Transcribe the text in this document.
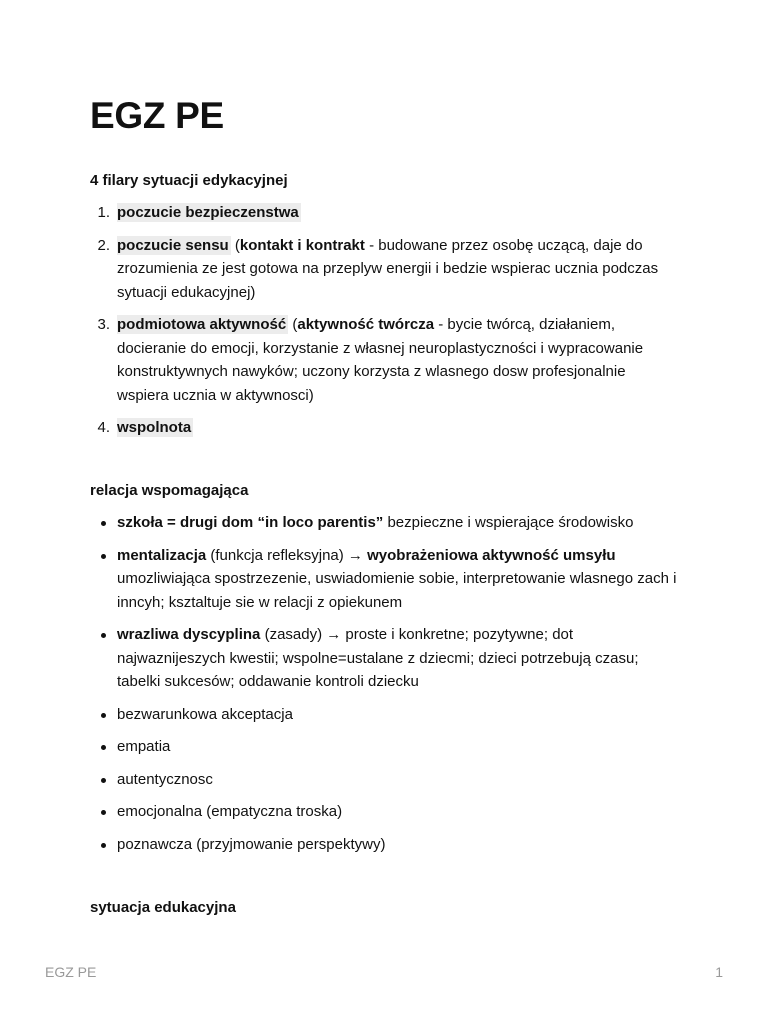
EGZ PE
4 filary sytuacji edykacyjnej
1. poczucie bezpieczenstwa
2. poczucie sensu (kontakt i kontrakt - budowane przez osobę uczącą, daje do zrozumienia ze jest gotowa na przeplyw energii i bedzie wspierac ucznia podczas sytuacji edukacyjnej)
3. podmiotowa aktywność (aktywność twórcza - bycie twórcą, działaniem, docieranie do emocji, korzystanie z własnej neuroplastyczności i wypracowanie konstruktywnych nawyków; uczony korzysta z wlasnego dosw profesjonalnie wspiera ucznia w aktywnosci)
4. wspolnota
relacja wspomagająca
szkoła = drugi dom “in loco parentis” bezpieczne i wspierające środowisko
mentalizacja (funkcja refleksyjna) → wyobrażeniowa aktywność umsyłu umozliwiająca spostrzezenie, uswiadomienie sobie, interpretowanie wlasnego zach i inncyh; ksztaltuje sie w relacji z opiekunem
wrazliwa dyscyplina (zasady) → proste i konkretne; pozytywne; dot najwaznijeszych kwestii; wspolne=ustalane z dziecmi; dzieci potrzebują czasu; tabelki sukcesów; oddawanie kontroli dziecku
bezwarunkowa akceptacja
empatia
autentycznosc
emocjonalna (empatyczna troska)
poznawcza (przyjmowanie perspektywy)
sytuacja edukacyjna
EGZ PE	1
